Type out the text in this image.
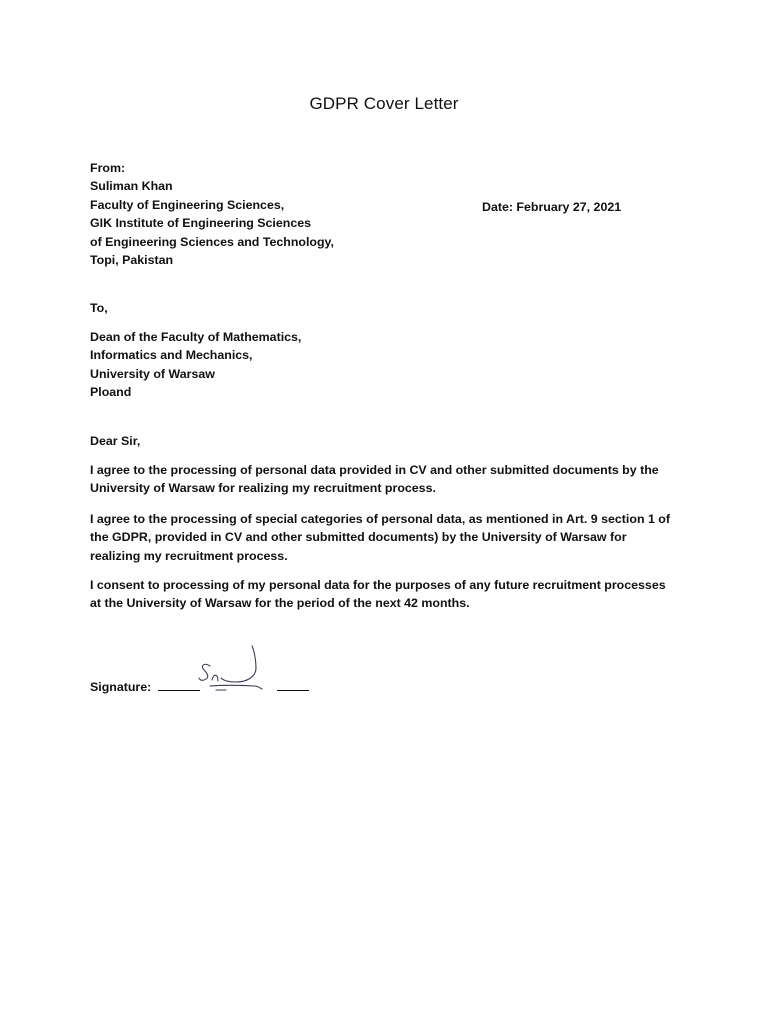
GDPR Cover Letter
From:
Suliman Khan
Faculty of Engineering Sciences,
GIK Institute of Engineering Sciences
of Engineering Sciences and Technology,
Topi, Pakistan
Date: February 27, 2021
To,
Dean of the Faculty of Mathematics,
Informatics and Mechanics,
University of Warsaw
Ploand
Dear Sir,
I agree to the processing of personal data provided in CV and other submitted documents by the University of Warsaw for realizing my recruitment process.
I agree to the processing of special categories of personal data, as mentioned in Art. 9 section 1 of the GDPR, provided in CV and other submitted documents) by the University of Warsaw for realizing my recruitment process.
I consent to processing of my personal data for the purposes of any future recruitment processes at the University of Warsaw for the period of the next 42 months.
Signature:
